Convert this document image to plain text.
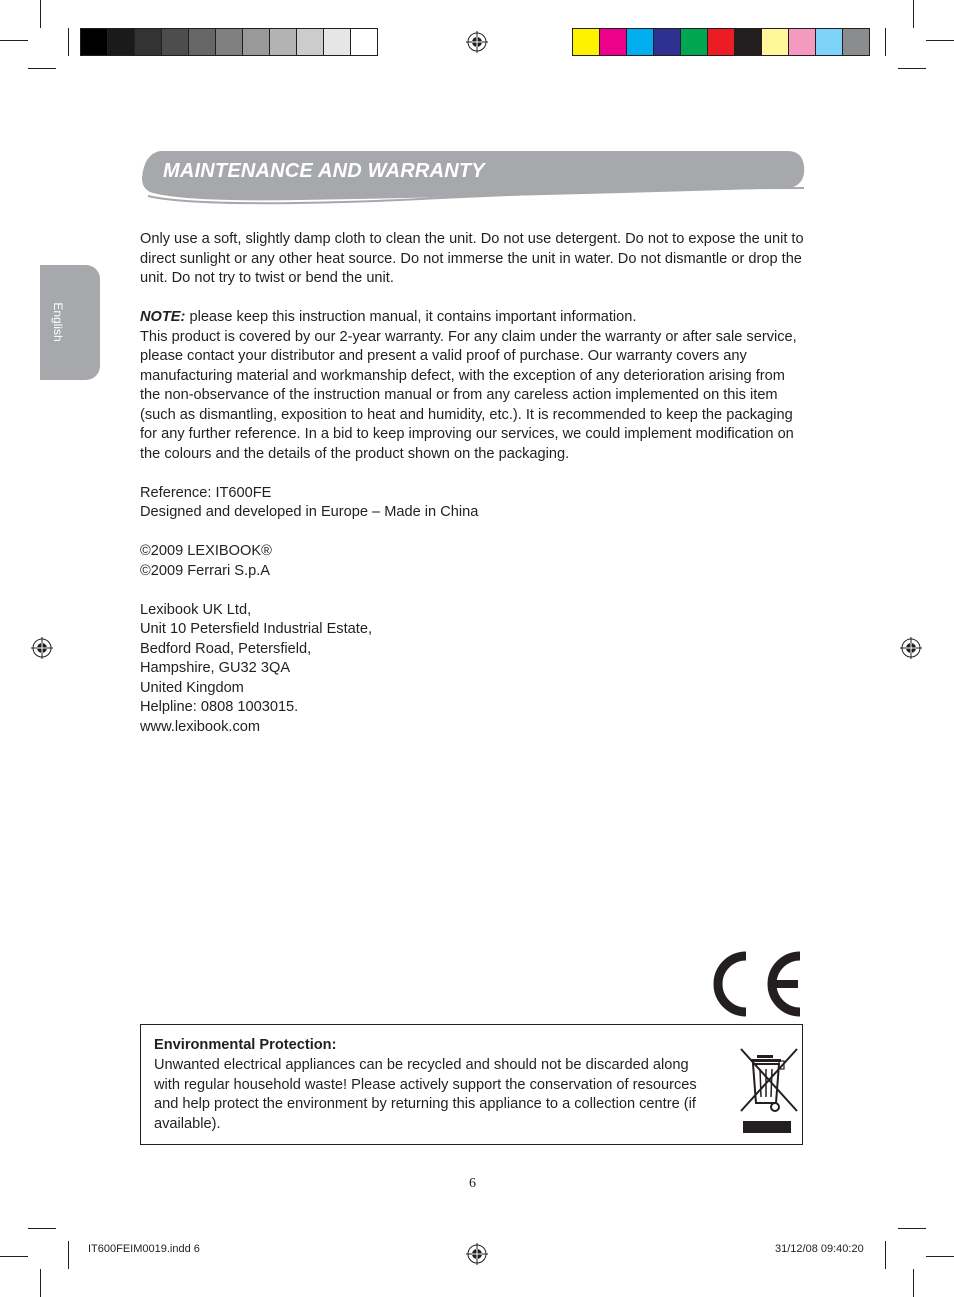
MAINTENANCE AND WARRANTY
English

Only use a soft, slightly damp cloth to clean the unit. Do not use detergent. Do not to expose the unit to direct sunlight or any other heat source. Do not immerse the unit in water. Do not dismantle or drop the unit. Do not try to twist or bend the unit.

NOTE: please keep this instruction manual, it contains important information.

This product is covered by our 2-year warranty. For any claim under the warranty or after sale service, please contact your distributor and present a valid proof of purchase. Our warranty covers any manufacturing material and workmanship defect, with the exception of any deterioration arising from the non-observance of the instruction manual or from any careless action implemented on this item (such as dismantling, exposition to heat and humidity, etc.). It is recommended to keep the packaging for any further reference. In a bid to keep improving our services, we could implement modification on the colours and the details of the product shown on the packaging.

Reference: IT600FE

Designed and developed in Europe – Made in China

©2009 LEXIBOOK®

©2009 Ferrari S.p.A

Lexibook UK Ltd,

Unit 10 Petersfield Industrial Estate,

Bedford Road, Petersfield,

Hampshire, GU32 3QA

United Kingdom

Helpline: 0808 1003015.

www.lexibook.com

Environmental Protection:
Unwanted electrical appliances can be recycled and should not be discarded along with regular household waste! Please actively support the conservation of resources and help protect the environment by returning this appliance to a collection centre (if available).
6
IT600FEIM0019.indd 6	31/12/08 09:40:20
